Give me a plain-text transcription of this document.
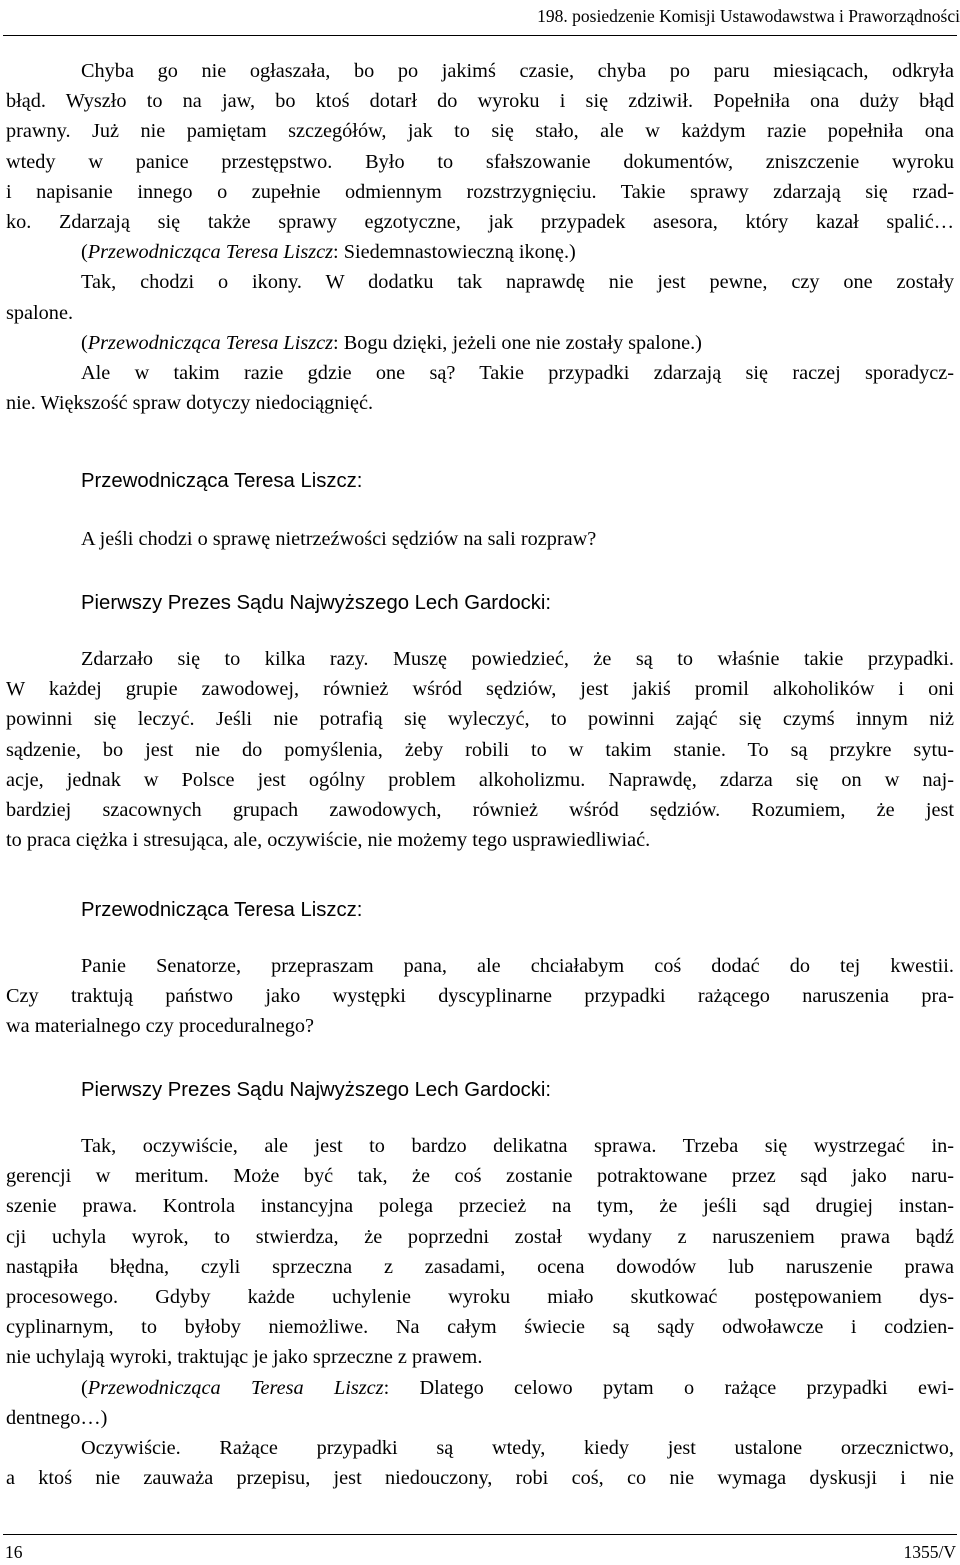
198. posiedzenie Komisji Ustawodawstwa i Praworządności
Chyba go nie ogłaszała, bo po jakimś czasie, chyba po paru miesiącach, odkryła
błąd. Wyszło to na jaw, bo ktoś dotarł do wyroku i się zdziwił. Popełniła ona duży błąd
prawny. Już nie pamiętam szczegółów, jak to się stało, ale w każdym razie popełniła ona
wtedy w panice przestępstwo. Było to sfałszowanie dokumentów, zniszczenie wyroku
i napisanie innego o zupełnie odmiennym rozstrzygnięciu. Takie sprawy zdarzają się rzad-
ko. Zdarzają się także sprawy egzotyczne, jak przypadek asesora, który kazał spalić…
(Przewodnicząca Teresa Liszcz: Siedemnastowieczną ikonę.)
Tak, chodzi o ikony. W dodatku tak naprawdę nie jest pewne, czy one zostały
spalone.
(Przewodnicząca Teresa Liszcz: Bogu dzięki, jeżeli one nie zostały spalone.)
Ale w takim razie gdzie one są? Takie przypadki zdarzają się raczej sporadycz-
nie. Większość spraw dotyczy niedociągnięć.
Przewodnicząca Teresa Liszcz:
A jeśli chodzi o sprawę nietrzeźwości sędziów na sali rozpraw?
Pierwszy Prezes Sądu Najwyższego Lech Gardocki:
Zdarzało się to kilka razy. Muszę powiedzieć, że są to właśnie takie przypadki.
W każdej grupie zawodowej, również wśród sędziów, jest jakiś promil alkoholików i oni
powinni się leczyć. Jeśli nie potrafią się wyleczyć, to powinni zająć się czymś innym niż
sądzenie, bo jest nie do pomyślenia, żeby robili to w takim stanie. To są przykre sytu-
acje, jednak w Polsce jest ogólny problem alkoholizmu. Naprawdę, zdarza się on w naj-
bardziej szacownych grupach zawodowych, również wśród sędziów. Rozumiem, że jest
to praca ciężka i stresująca, ale, oczywiście, nie możemy tego usprawiedliwiać.
Przewodnicząca Teresa Liszcz:
Panie Senatorze, przepraszam pana, ale chciałabym coś dodać do tej kwestii.
Czy traktują państwo jako występki dyscyplinarne przypadki rażącego naruszenia pra-
wa materialnego czy proceduralnego?
Pierwszy Prezes Sądu Najwyższego Lech Gardocki:
Tak, oczywiście, ale jest to bardzo delikatna sprawa. Trzeba się wystrzegać in-
gerencji w meritum. Może być tak, że coś zostanie potraktowane przez sąd jako naru-
szenie prawa. Kontrola instancyjna polega przecież na tym, że jeśli sąd drugiej instan-
cji uchyla wyrok, to stwierdza, że poprzedni został wydany z naruszeniem prawa bądź
nastąpiła błędna, czyli sprzeczna z zasadami, ocena dowodów lub naruszenie prawa
procesowego. Gdyby każde uchylenie wyroku miało skutkować postępowaniem dys-
cyplinarnym, to byłoby niemożliwe. Na całym świecie są sądy odwoławcze i codzien-
nie uchylają wyroki, traktując je jako sprzeczne z prawem.
(Przewodnicząca Teresa Liszcz: Dlatego celowo pytam o rażące przypadki ewi-
dentnego…)
Oczywiście. Rażące przypadki są wtedy, kiedy jest ustalone orzecznictwo,
a ktoś nie zauważa przepisu, jest niedouczony, robi coś, co nie wymaga dyskusji i nie
16	1355/V
